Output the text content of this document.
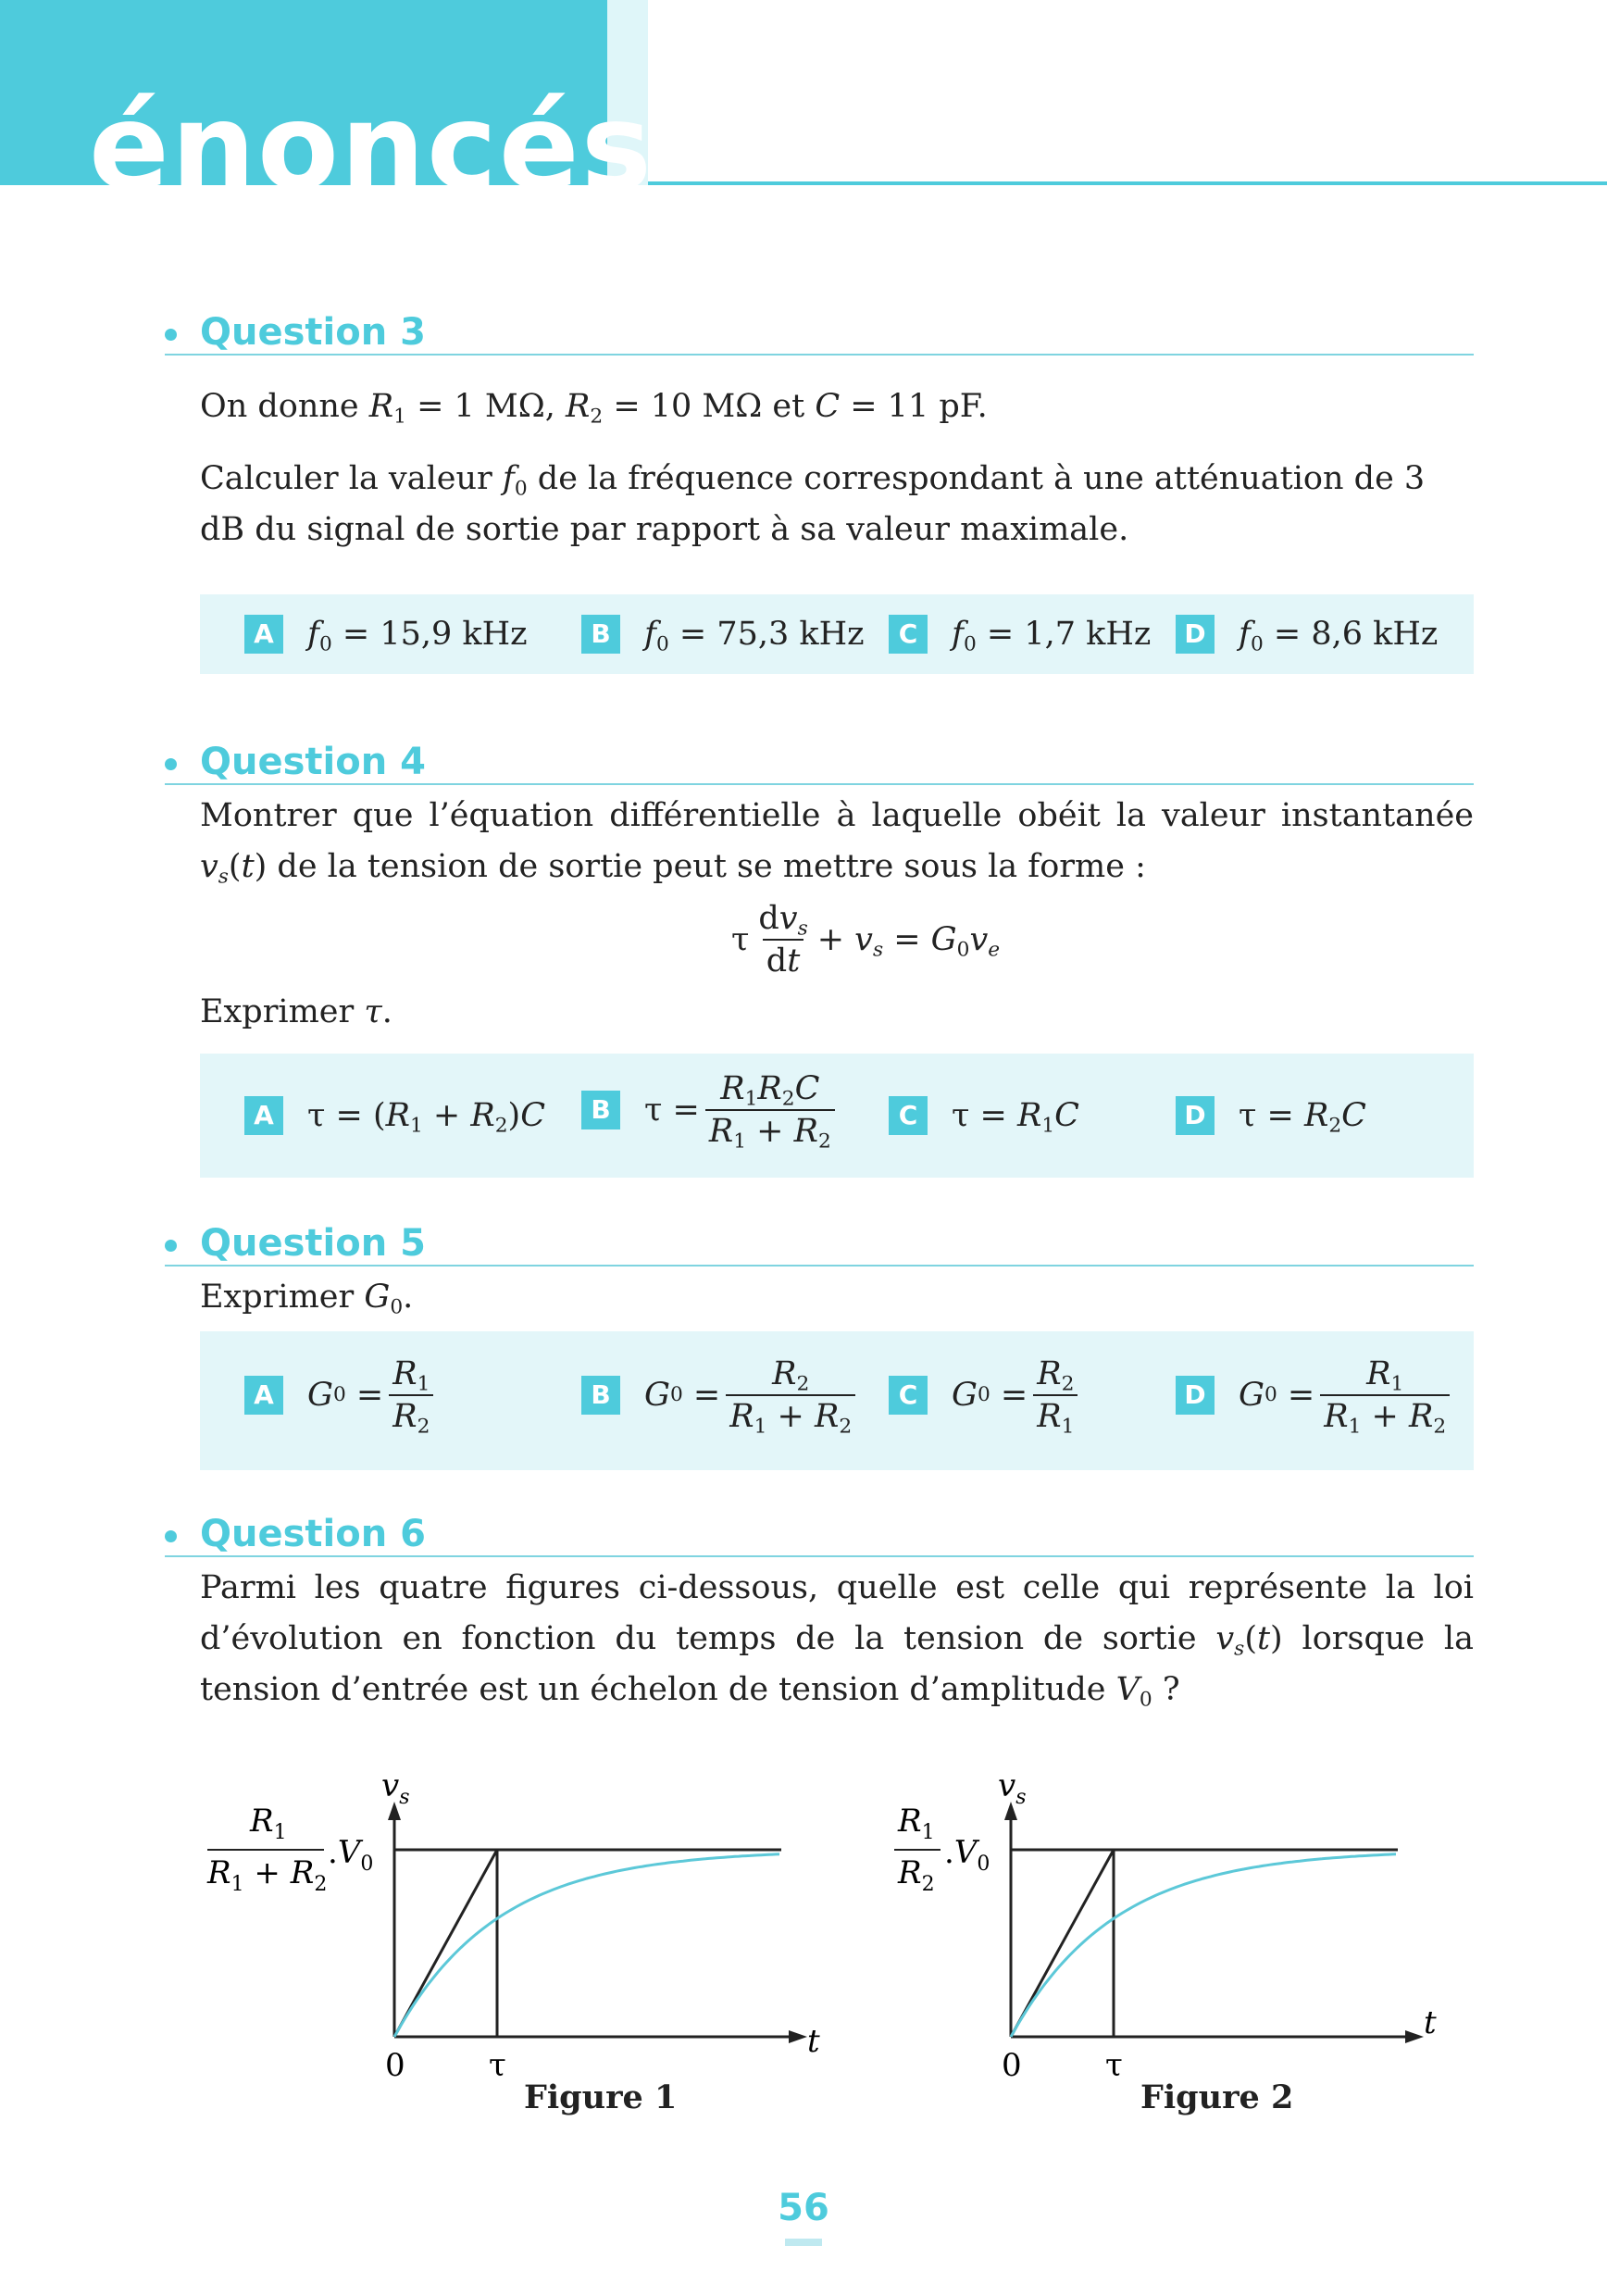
énoncés
Question 3
On donne $R_1 = 1$ MΩ, $R_2 = 10$ MΩ et C = 11 pF.
Calculer la valeur $f_0$ de la fréquence correspondant à une atténuation de 3 dB du signal de sortie par rapport à sa valeur maximale.
A $f_0 = 15,9$ kHz	B $f_0 = 75,3$ kHz	C	$f_0 = 1,7$ kHz	D $f_0 = 8,6$ kHz
Question 4
Montrer que l’équation différentielle à laquelle obéit la valeur instantanée $v_s(t)$ de la tension de sortie peut se mettre sous la forme :
τ $\frac{dv_s}{dt} + v_s = G_0v_e$
Exprimer τ.
A $\tau = (R_1 + R_2)C$	B $\tau = \frac{R_1R_2C}{R_1 + R_2}$	C	$\tau = R_1C$	D $\tau = R_2C$
Question 5
Exprimer $G_0$.
A G $0 = \frac{R_1}{R_2}$	B G $0 = \frac{R_2}{R_1 + R_2}$	C	G $0 = \frac{R_2}{R_1}$	D G $0 = \frac{R_1}{R_1 + R_2}$
Question 6
Parmi les quatre figures ci-dessous, quelle est celle qui représente la loi d’évolution en fonction du temps de la tension de sortie $v_s(t)$ lorsque la tension d’entrée est un échelon de tension d’amplitude $V_0$ ?
$v_s$
t
0	τ
$R_1$
$R_1 + R_2$
$.V_0$
Figure 1
$v_s$
t
0	τ
$R_1$
$R_2$
$.V_0$
Figure 2
56
